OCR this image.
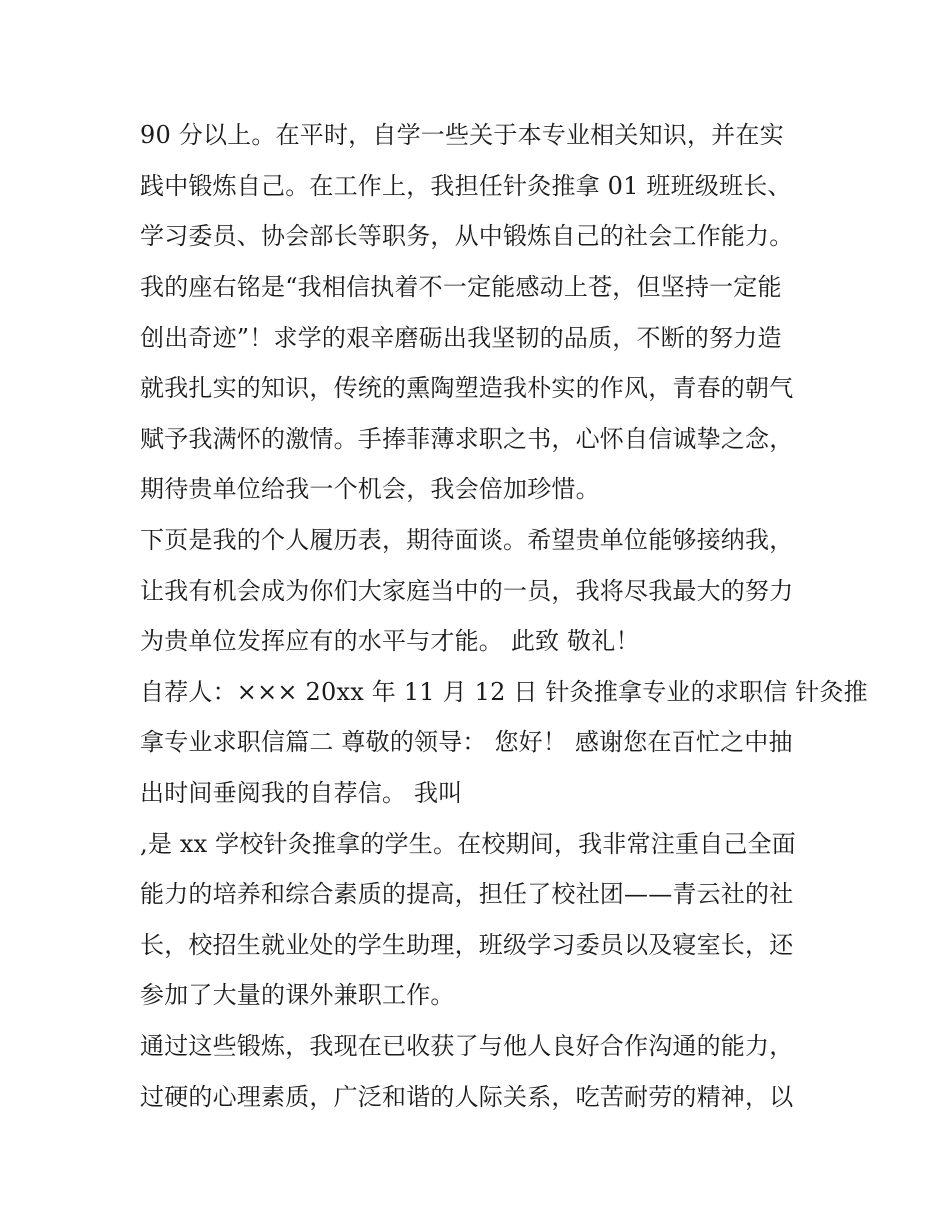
90 分以上。在平时，自学一些关于本专业相关知识，并在实
践中锻炼自己。在工作上，我担任针灸推拿 01 班班级班长、
学习委员、协会部长等职务，从中锻炼自己的社会工作能力。
我的座右铭是“我相信执着不一定能感动上苍，但坚持一定能
创出奇迹”！求学的艰辛磨砺出我坚韧的品质，不断的努力造
就我扎实的知识，传统的熏陶塑造我朴实的作风，青春的朝气
赋予我满怀的激情。手捧菲薄求职之书，心怀自信诚挚之念，
期待贵单位给我一个机会，我会倍加珍惜。
下页是我的个人履历表，期待面谈。希望贵单位能够接纳我，
让我有机会成为你们大家庭当中的一员，我将尽我最大的努力
为贵单位发挥应有的水平与才能。 此致 敬礼！
自荐人：××× 20xx 年 11 月 12 日 针灸推拿专业的求职信 针灸推
拿专业求职信篇二 尊敬的领导： 您好！ 感谢您在百忙之中抽
出时间垂阅我的自荐信。 我叫
,是 xx 学校针灸推拿的学生。在校期间，我非常注重自己全面
能力的培养和综合素质的提高，担任了校社团——青云社的社
长，校招生就业处的学生助理，班级学习委员以及寝室长，还
参加了大量的课外兼职工作。
通过这些锻炼，我现在已收获了与他人良好合作沟通的能力，
过硬的心理素质，广泛和谐的人际关系，吃苦耐劳的精神，以
